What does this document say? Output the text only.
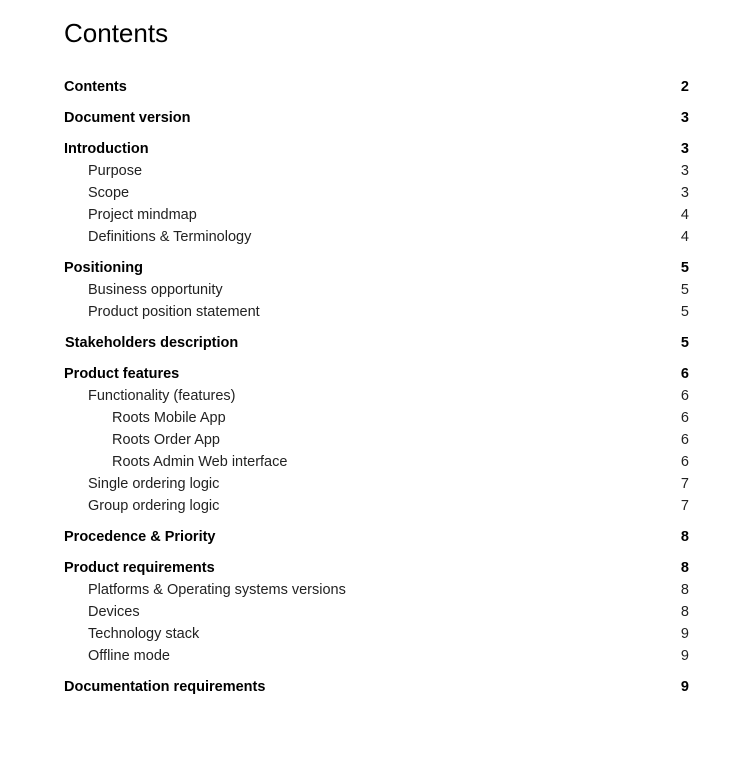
Contents
Contents	2
Document version	3
Introduction	3
Purpose	3
Scope	3
Project mindmap	4
Definitions & Terminology	4
Positioning	5
Business opportunity	5
Product position statement	5
Stakeholders description	5
Product features	6
Functionality (features)	6
Roots Mobile App	6
Roots Order App	6
Roots Admin Web interface	6
Single ordering logic	7
Group ordering logic	7
Procedence & Priority	8
Product requirements	8
Platforms & Operating systems versions	8
Devices	8
Technology stack	9
Offline mode	9
Documentation requirements	9
